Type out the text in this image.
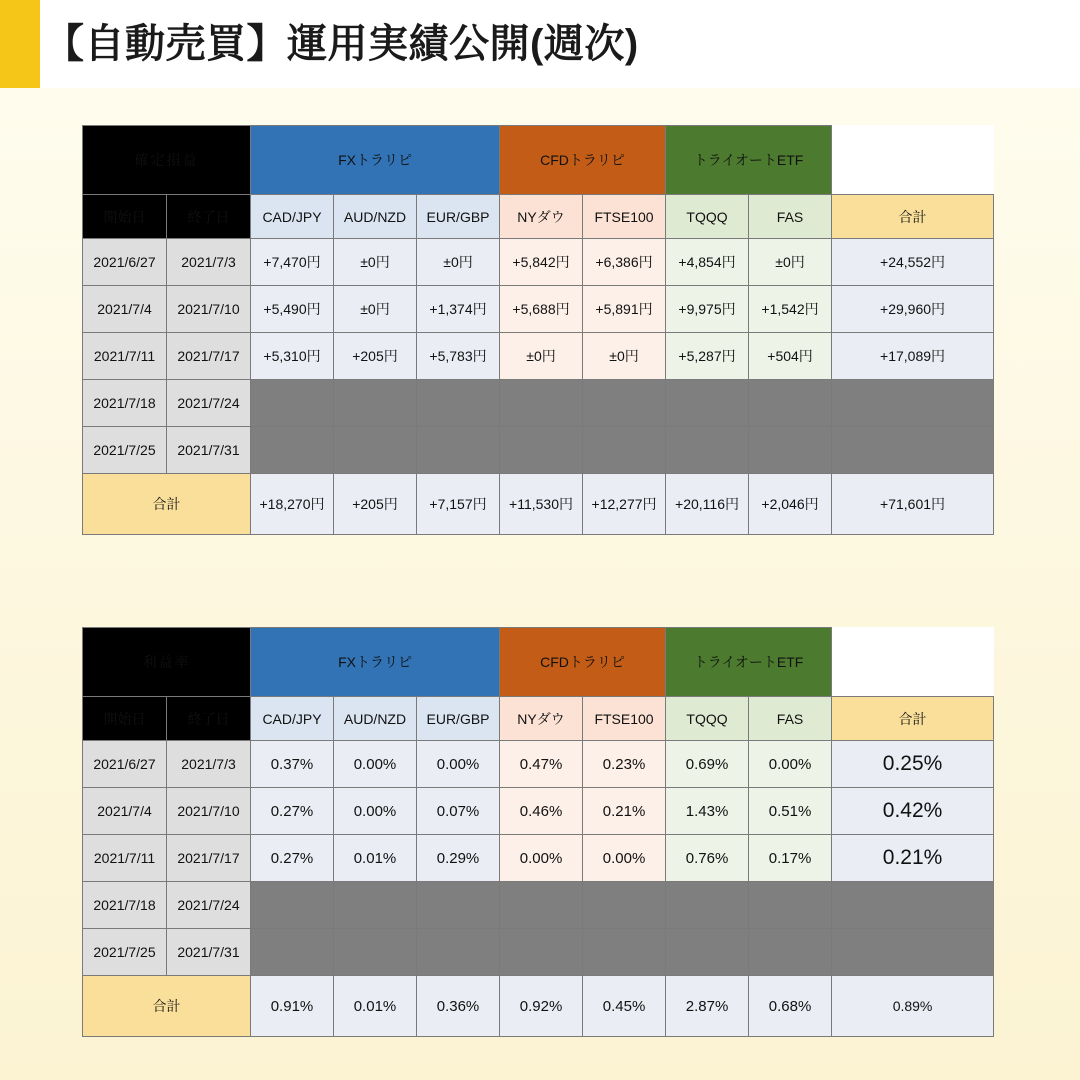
【自動売買】運用実績公開(週次)
確定損益		FXトラリピ			CFDトラリピ		トライオートETF		
開始日	終了日	CAD/JPY	AUD/NZD	EUR/GBP	NYダウ	FTSE100	TQQQ	FAS	合計
2021/6/27	2021/7/3	+7,470円	±0円	±0円	+5,842円	+6,386円	+4,854円	±0円	+24,552円
2021/7/4	2021/7/10	+5,490円	±0円	+1,374円	+5,688円	+5,891円	+9,975円	+1,542円	+29,960円
2021/7/11	2021/7/17	+5,310円	+205円	+5,783円	±0円	±0円	+5,287円	+504円	+17,089円
2021/7/18	2021/7/24								
2021/7/25	2021/7/31								
合計		+18,270円	+205円	+7,157円	+11,530円	+12,277円	+20,116円	+2,046円	+71,601円
利益率		FXトラリピ			CFDトラリピ		トライオートETF		
開始日	終了日	CAD/JPY	AUD/NZD	EUR/GBP	NYダウ	FTSE100	TQQQ	FAS	合計
2021/6/27	2021/7/3	0.37%	0.00%	0.00%	0.47%	0.23%	0.69%	0.00%	0.25%
2021/7/4	2021/7/10	0.27%	0.00%	0.07%	0.46%	0.21%	1.43%	0.51%	0.42%
2021/7/11	2021/7/17	0.27%	0.01%	0.29%	0.00%	0.00%	0.76%	0.17%	0.21%
2021/7/18	2021/7/24								
2021/7/25	2021/7/31								
合計		0.91%	0.01%	0.36%	0.92%	0.45%	2.87%	0.68%	0.89%
